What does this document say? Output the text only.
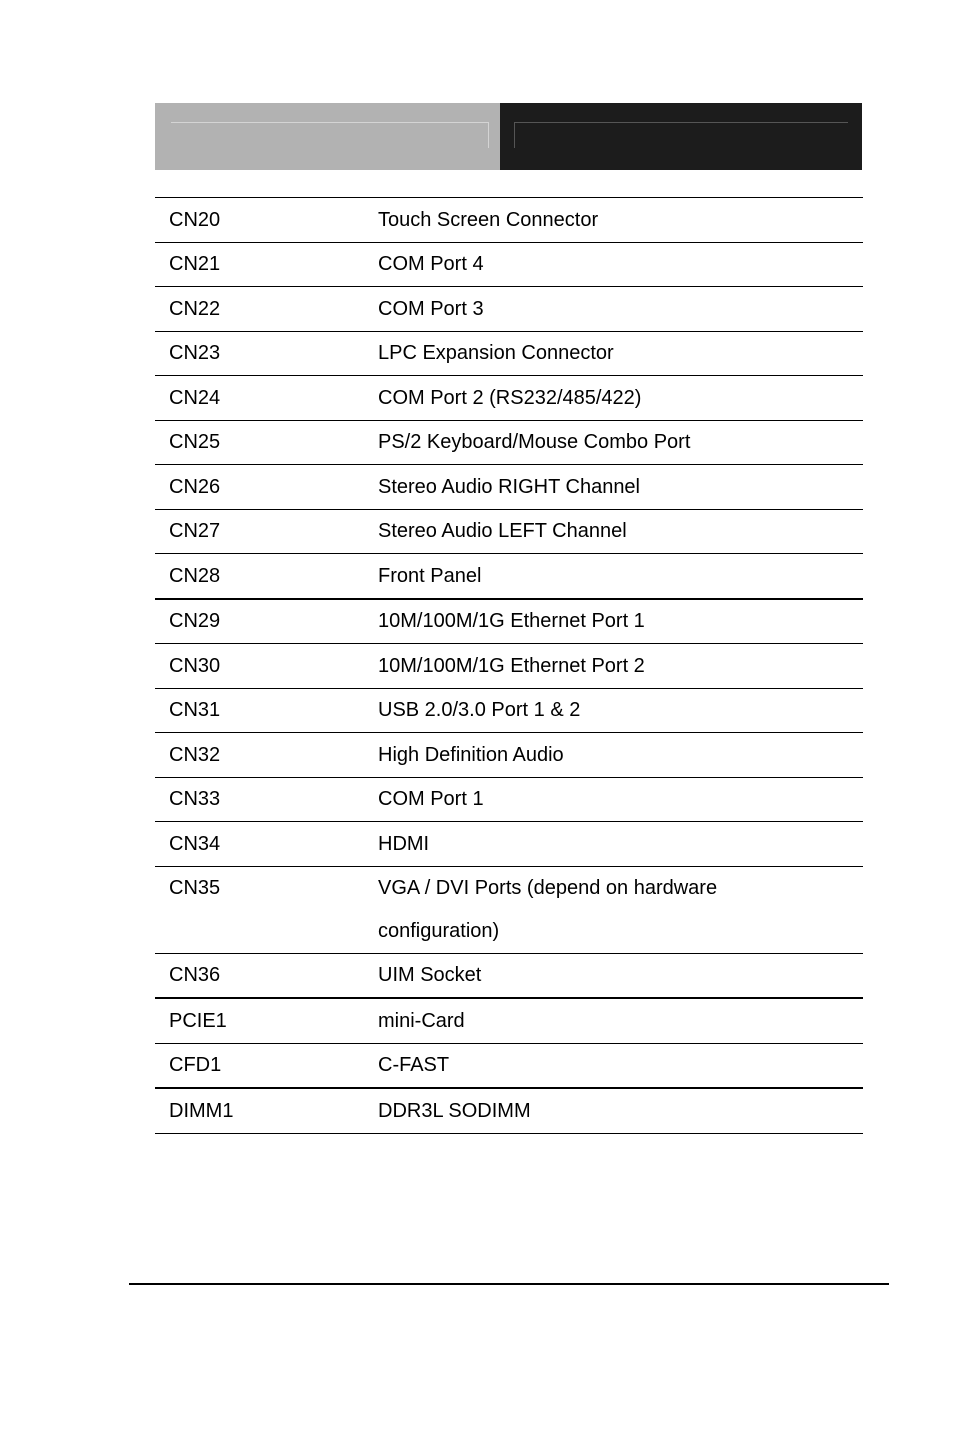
CN20	Touch Screen Connector
CN21	COM Port 4
CN22	COM Port 3
CN23	LPC Expansion Connector
CN24	COM Port 2 (RS232/485/422)
CN25	PS/2 Keyboard/Mouse Combo Port
CN26	Stereo Audio RIGHT Channel
CN27	Stereo Audio LEFT Channel
CN28	Front Panel
CN29	10M/100M/1G Ethernet Port 1
CN30	10M/100M/1G Ethernet Port 2
CN31	USB 2.0/3.0 Port 1 & 2
CN32	High Definition Audio
CN33	COM Port 1
CN34	HDMI
CN35	VGA / DVI Ports (depend on hardware
configuration)
CN36	UIM Socket
PCIE1	mini-Card
CFD1	C-FAST
DIMM1	DDR3L SODIMM
